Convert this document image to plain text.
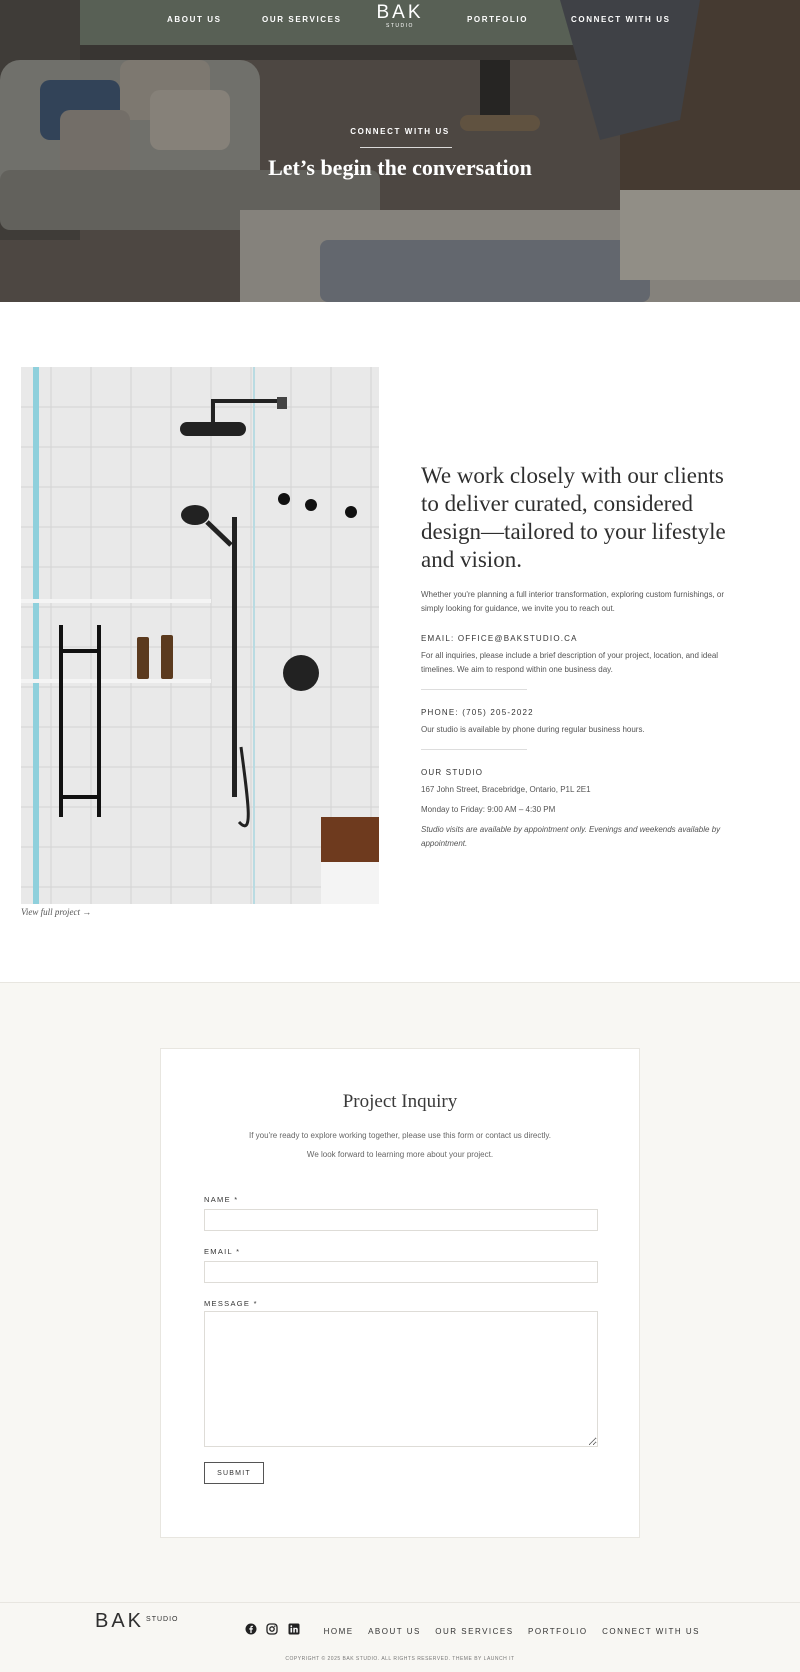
ABOUT US	OUR SERVICES	BAK
STUDIO
PORTFOLIO	CONNECT WITH US
CONNECT WITH US
Let’s begin the conversation
View full project →
We work closely with our clients to deliver curated, considered design—tailored to your lifestyle and vision.

Whether you're planning a full interior transformation, exploring custom furnishings, or simply looking for guidance, we invite you to reach out.

EMAIL: OFFICE@BAKSTUDIO.CA

For all inquiries, please include a brief description of your project, location, and ideal timelines. We aim to respond within one business day.

PHONE: (705) 205-2022

Our studio is available by phone during regular business hours.

OUR STUDIO

167 John Street, Bracebridge, Ontario, P1L 2E1

Monday to Friday: 9:00 AM – 4:30 PM

Studio visits are available by appointment only. Evenings and weekends available by appointment.

Project Inquiry

If you're ready to explore working together, please use this form or contact us directly.

We look forward to learning more about your project.

NAME *
EMAIL *
MESSAGE *
SUBMIT
BAK STUDIO

HOME ABOUT US OUR SERVICES PORTFOLIO CONNECT WITH US
COPYRIGHT © 2025 BAK STUDIO. ALL RIGHTS RESERVED. THEME BY LAUNCH IT
